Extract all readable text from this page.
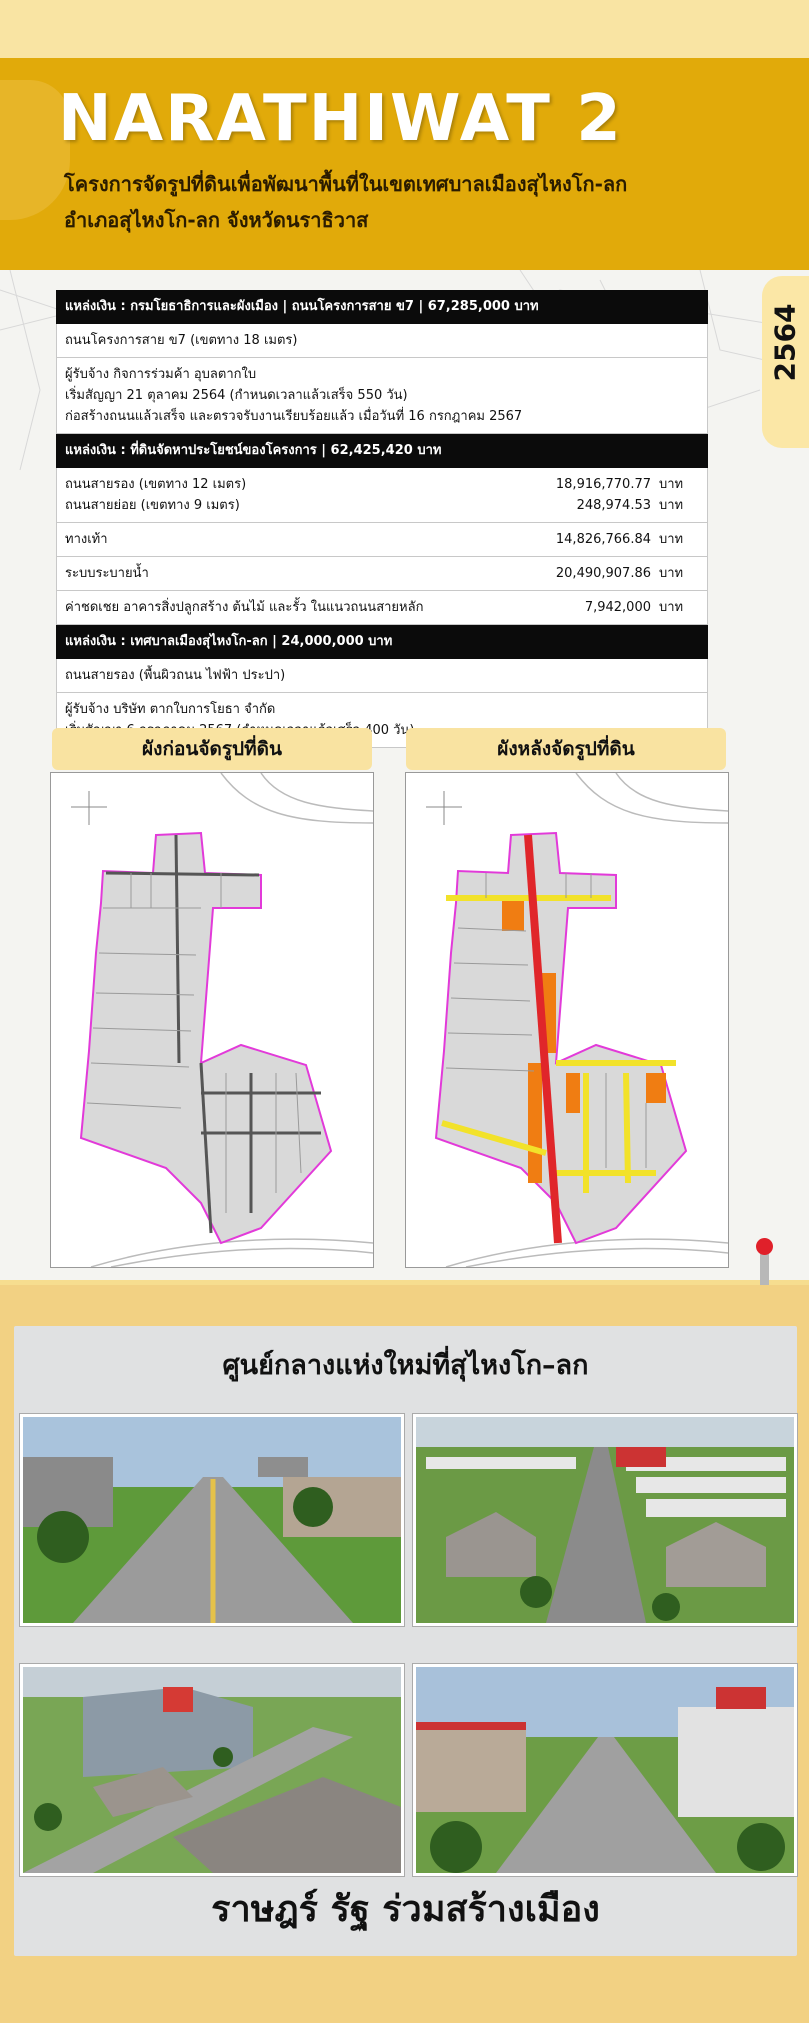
NARATHIWAT 2
โครงการจัดรูปที่ดินเพื่อพัฒนาพื้นที่ในเขตเทศบาลเมืองสุไหงโก-ลก
อำเภอสุไหงโก-ลก จังหวัดนราธิวาส
2564
แหล่งเงิน : กรมโยธาธิการและผังเมือง | ถนนโครงการสาย ข7 | 67,285,000 บาท
ถนนโครงการสาย ข7 (เขตทาง 18 เมตร)
ผู้รับจ้าง กิจการร่วมค้า อุบลตากใบ
เริ่มสัญญา 21 ตุลาคม 2564 (กำหนดเวลาแล้วเสร็จ 550 วัน)
ก่อสร้างถนนแล้วเสร็จ และตรวจรับงานเรียบร้อยแล้ว เมื่อวันที่ 16 กรกฎาคม 2567
แหล่งเงิน : ที่ดินจัดหาประโยชน์ของโครงการ | 62,425,420 บาท
ถนนสายรอง (เขตทาง 12 เมตร)	18,916,770.77 บาท
ถนนสายย่อย (เขตทาง 9 เมตร)	248,974.53 บาท
ทางเท้า	14,826,766.84 บาท
ระบบระบายน้ำ	20,490,907.86 บาท
ค่าชดเชย อาคารสิ่งปลูกสร้าง ต้นไม้ และรั้ว ในแนวถนนสายหลัก	7,942,000 บาท
แหล่งเงิน : เทศบาลเมืองสุไหงโก-ลก | 24,000,000 บาท
ถนนสายรอง (พื้นผิวถนน ไฟฟ้า ประปา)
ผู้รับจ้าง บริษัท ตากใบการโยธา จำกัด
400 วัน)
ผังก่อนจัดรูปที่ดิน	ผังหลังจัดรูปที่ดิน
ศูนย์กลางแห่งใหม่ที่สุไหงโก–ลก
ราษฎร์ รัฐ ร่วมสร้างเมือง
